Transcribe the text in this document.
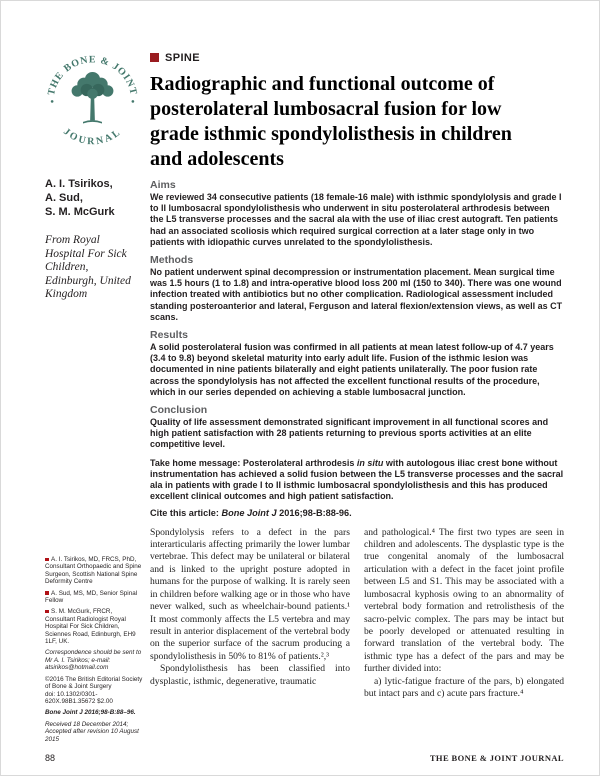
THE BONE & JOINT
JOURNAL
A. I. Tsirikos,
A. Sud,
S. M. McGurk
From Royal Hospital For Sick Children, Edinburgh, United Kingdom
SPINE
Radiographic and functional outcome of
posterolateral lumbosacral fusion for low
grade isthmic spondylolisthesis in children
and adolescents
Aims

We reviewed 34 consecutive patients (18 female-16 male) with isthmic spondylolysis and grade I to II lumbosacral spondylolisthesis who underwent in situ posterolateral arthrodesis between the L5 transverse processes and the sacral ala with the use of iliac crest autograft. Ten patients had an associated scoliosis which required surgical correction at a later stage only in two patients with idiopathic curves unrelated to the spondylolisthesis.

Methods

No patient underwent spinal decompression or instrumentation placement. Mean surgical time was 1.5 hours (1 to 1.8) and intra-operative blood loss 200 ml (150 to 340). There was one wound infection treated with antibiotics but no other complication. Radiological assessment included standing posteroanterior and lateral, Ferguson and lateral flexion/extension views, as well as CT scans.

Results

A solid posterolateral fusion was confirmed in all patients at mean latest follow-up of 4.7 years (3.4 to 9.8) beyond skeletal maturity into early adult life. Fusion of the isthmic lesion was documented in nine patients bilaterally and eight patients unilaterally. The poor fusion rate across the spondylolysis has not affected the excellent functional results of the procedure, which in our series depended on achieving a stable lumbosacral junction.

Conclusion

Quality of life assessment demonstrated significant improvement in all functional scores and high patient satisfaction with 28 patients returning to previous sports activities at an elite competitive level.

Take home message: Posterolateral arthrodesis in situ with autologous iliac crest bone without instrumentation has achieved a solid fusion between the L5 transverse processes and the sacral ala in patients with grade I to II isthmic lumbosacral spondylolisthesis and this has produced excellent clinical outcomes and high patient satisfaction.

Cite this article: Bone Joint J 2016;98-B:88-96.

Spondylolysis refers to a defect in the pars interarticularis affecting primarily the lower lumbar vertebrae. This defect may be unilateral or bilateral and is linked to the upright posture adopted in humans for the purpose of walking. It is rarely seen in children before walking age or in those who have never walked, such as wheelchair-bound patients.¹ It most commonly affects the L5 vertebra and may result in anterior displacement of the vertebral body on the superior surface of the sacrum producing a spondylolisthesis in 50% to 81% of patients.²,³

Spondylolisthesis has been classified into dysplastic, isthmic, degenerative, traumatic

and pathological.⁴ The first two types are seen in children and adolescents. The dysplastic type is the true congenital anomaly of the lumbosacral articulation with a defect in the facet joint profile between L5 and S1. This may be associated with a lumbosacral kyphosis owing to an abnormality of vertebral body formation and retrolisthesis of the sacro-pelvic complex. The pars may be intact but be poorly developed or attenuated resulting in forward translation of the vertebral body. The isthmic type has a defect of the pars and may be further divided into:

a) lytic-fatigue fracture of the pars, b) elongated but intact pars and c) acute pars fracture.⁴

A. I. Tsirikos, MD, FRCS, PhD, Consultant Orthopaedic and Spine Surgeon, Scottish National Spine Deformity Centre

A. Sud, MS, MD, Senior Spinal Fellow

S. M. McGurk, FRCR, Consultant Radiologist Royal Hospital For Sick Children, Sciennes Road, Edinburgh, EH9 1LF, UK.

Correspondence should be sent to Mr A. I. Tsirikos; e-mail: atsirikos@hotmail.com

©2016 The British Editorial Society of Bone & Joint Surgery
doi: 10.1302/0301-620X.98B1.35672 $2.00

Bone Joint J 2016;98-B:88–96.

Received 18 December 2014; Accepted after revision 10 August 2015

88	THE BONE & JOINT JOURNAL
